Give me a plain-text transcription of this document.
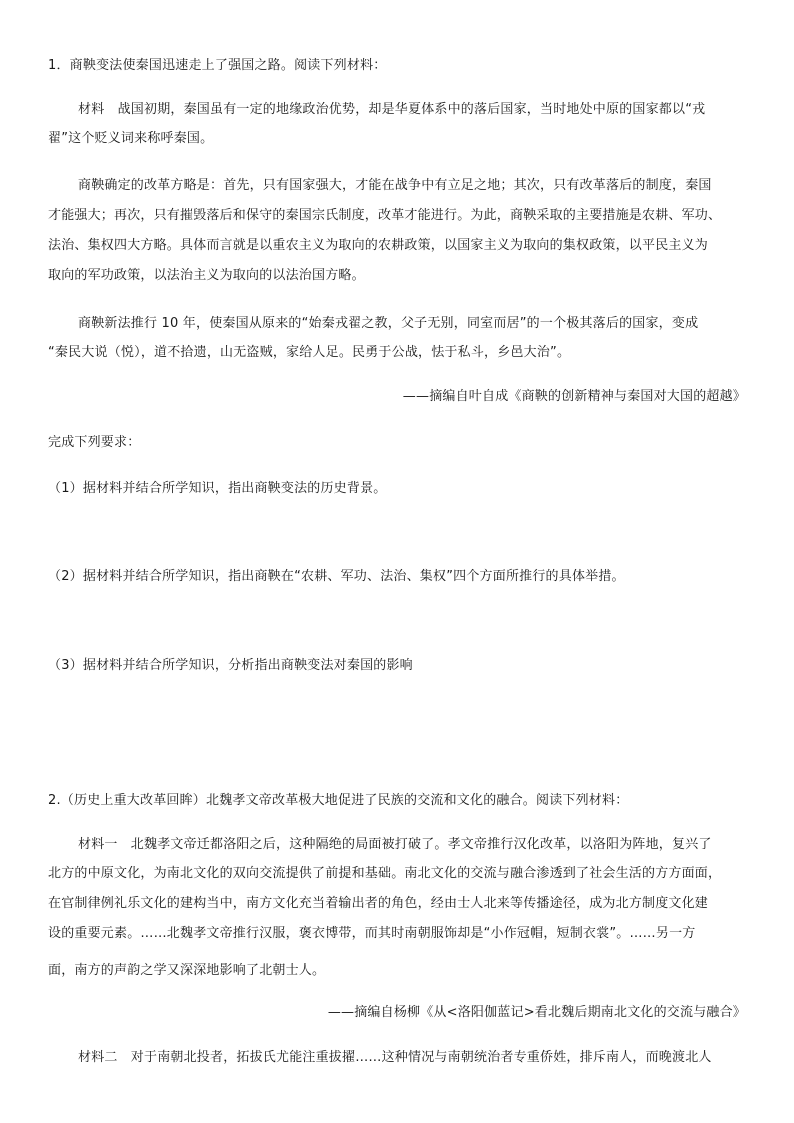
1．商鞅变法使秦国迅速走上了强国之路。阅读下列材料：
材料　战国初期，秦国虽有一定的地缘政治优势，却是华夏体系中的落后国家，当时地处中原的国家都以“戎
翟”这个贬义词来称呼秦国。
商鞅确定的改革方略是：首先，只有国家强大，才能在战争中有立足之地；其次，只有改革落后的制度，秦国
才能强大；再次，只有摧毁落后和保守的秦国宗氏制度，改革才能进行。为此，商鞅采取的主要措施是农耕、军功、
法治、集权四大方略。具体而言就是以重农主义为取向的农耕政策，以国家主义为取向的集权政策，以平民主义为
取向的军功政策，以法治主义为取向的以法治国方略。
商鞅新法推行 10 年，使秦国从原来的“始秦戎翟之教，父子无别，同室而居”的一个极其落后的国家，变成
“秦民大说（悦），道不拾遗，山无盗贼，家给人足。民勇于公战，怯于私斗，乡邑大治”。
——摘编自叶自成《商鞅的创新精神与秦国对大国的超越》
完成下列要求：
（1）据材料并结合所学知识，指出商鞅变法的历史背景。
（2）据材料并结合所学知识，指出商鞅在“农耕、军功、法治、集权”四个方面所推行的具体举措。
（3）据材料并结合所学知识，分析指出商鞅变法对秦国的影响
2.（历史上重大改革回眸）北魏孝文帝改革极大地促进了民族的交流和文化的融合。阅读下列材料：
材料一　北魏孝文帝迁都洛阳之后，这种隔绝的局面被打破了。孝文帝推行汉化改革，以洛阳为阵地，复兴了
北方的中原文化，为南北文化的双向交流提供了前提和基础。南北文化的交流与融合渗透到了社会生活的方方面面，
在官制律例礼乐文化的建构当中，南方文化充当着输出者的角色，经由士人北来等传播途径，成为北方制度文化建
设的重要元素。……北魏孝文帝推行汉服，褒衣博带，而其时南朝服饰却是“小作冠帽，短制衣裳”。……另一方
面，南方的声韵之学又深深地影响了北朝士人。
——摘编自杨柳《从<洛阳伽蓝记>看北魏后期南北文化的交流与融合》
材料二　对于南朝北投者，拓拔氏尤能注重拔擢……这种情况与南朝统治者专重侨姓，排斥南人，而晚渡北人
